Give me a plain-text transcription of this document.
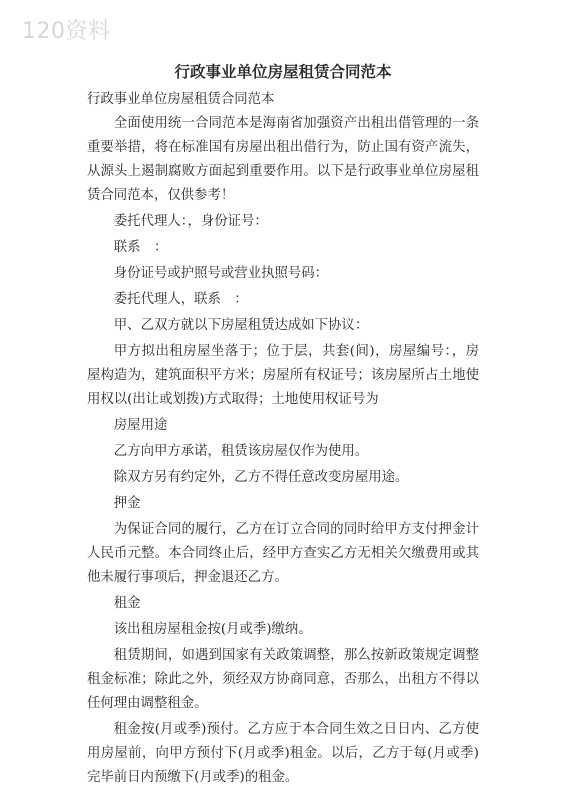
120资料
行政事业单位房屋租赁合同范本
行政事业单位房屋租赁合同范本

全面使用统一合同范本是海南省加强资产出租出借管理的一条重要举措，将在标准国有房屋出租出借行为，防止国有资产流失，从源头上遏制腐败方面起到重要作用。以下是行政事业单位房屋租赁合同范本，仅供参考！

委托代理人：，身份证号：

联系　：

身份证号或护照号或营业执照号码：

委托代理人，联系　：

甲、乙双方就以下房屋租赁达成如下协议：

甲方拟出租房屋坐落于；位于层，共套(间)，房屋编号：，房屋构造为，建筑面积平方米；房屋所有权证号；该房屋所占土地使用权以(出让或划拨)方式取得；土地使用权证号为

房屋用途

乙方向甲方承诺，租赁该房屋仅作为使用。

除双方另有约定外，乙方不得任意改变房屋用途。

押金

为保证合同的履行，乙方在订立合同的同时给甲方支付押金计人民币元整。本合同终止后，经甲方查实乙方无相关欠缴费用或其他未履行事项后，押金退还乙方。

租金

该出租房屋租金按(月或季)缴纳。

租赁期间，如遇到国家有关政策调整，那么按新政策规定调整租金标准；除此之外，须经双方协商同意，否那么，出租方不得以任何理由调整租金。

租金按(月或季)预付。乙方应于本合同生效之日日内、乙方使用房屋前，向甲方预付下(月或季)租金。以后，乙方于每(月或季)完毕前日内预缴下(月或季)的租金。
